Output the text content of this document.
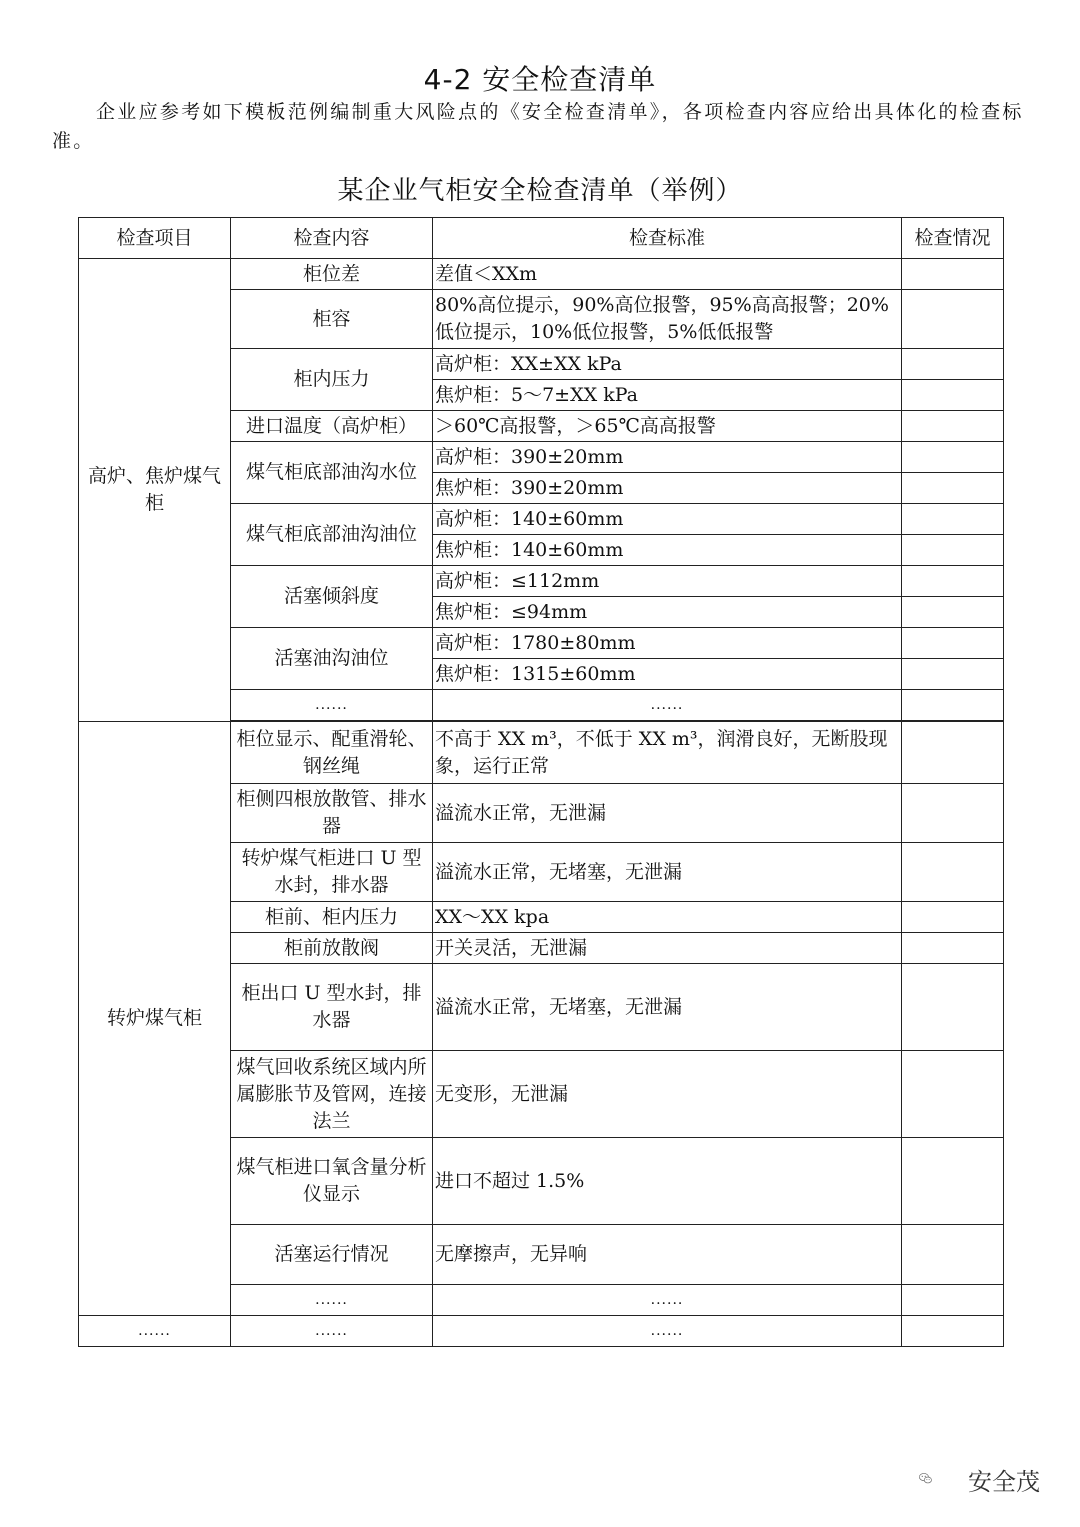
4-2 安全检查清单
企业应参考如下模板范例编制重大风险点的《安全检查清单》，各项检查内容应给出具体化的检查标准。
某企业气柜安全检查清单（举例）
检查项目	检查内容	检查标准	检查情况
高炉、焦炉煤气柜	柜位差	差值＜XXm	
	柜容	80%高位提示，90%高位报警，95%高高报警；20%低位提示，10%低位报警，5%低低报警	
	柜内压力	高炉柜：XX±XX kPa	
		焦炉柜：5～7±XX kPa	
	进口温度（高炉柜）	＞60℃高报警，＞65℃高高报警	
	煤气柜底部油沟水位	高炉柜：390±20mm	
		焦炉柜：390±20mm	
	煤气柜底部油沟油位	高炉柜：140±60mm	
		焦炉柜：140±60mm	
	活塞倾斜度	高炉柜：≤112mm	
		焦炉柜：≤94mm	
	活塞油沟油位	高炉柜：1780±80mm	
		焦炉柜：1315±60mm	
	......	......	

转炉煤气柜	柜位显示、配重滑轮、钢丝绳	不高于 XX m³，不低于 XX m³，润滑良好，无断股现象，运行正常	
	柜侧四根放散管、排水器	溢流水正常，无泄漏	
	转炉煤气柜进口 U 型水封，排水器	溢流水正常，无堵塞，无泄漏	
	柜前、柜内压力	XX～XX kpa	
	柜前放散阀	开关灵活，无泄漏	
	柜出口 U 型水封，排水器	溢流水正常，无堵塞，无泄漏	
	煤气回收系统区域内所属膨胀节及管网，连接法兰	无变形，无泄漏	
	煤气柜进口氧含量分析仪显示	进口不超过 1.5%	
	活塞运行情况	无摩擦声，无异响	
	......	......	
......	......	......	
安全茂
